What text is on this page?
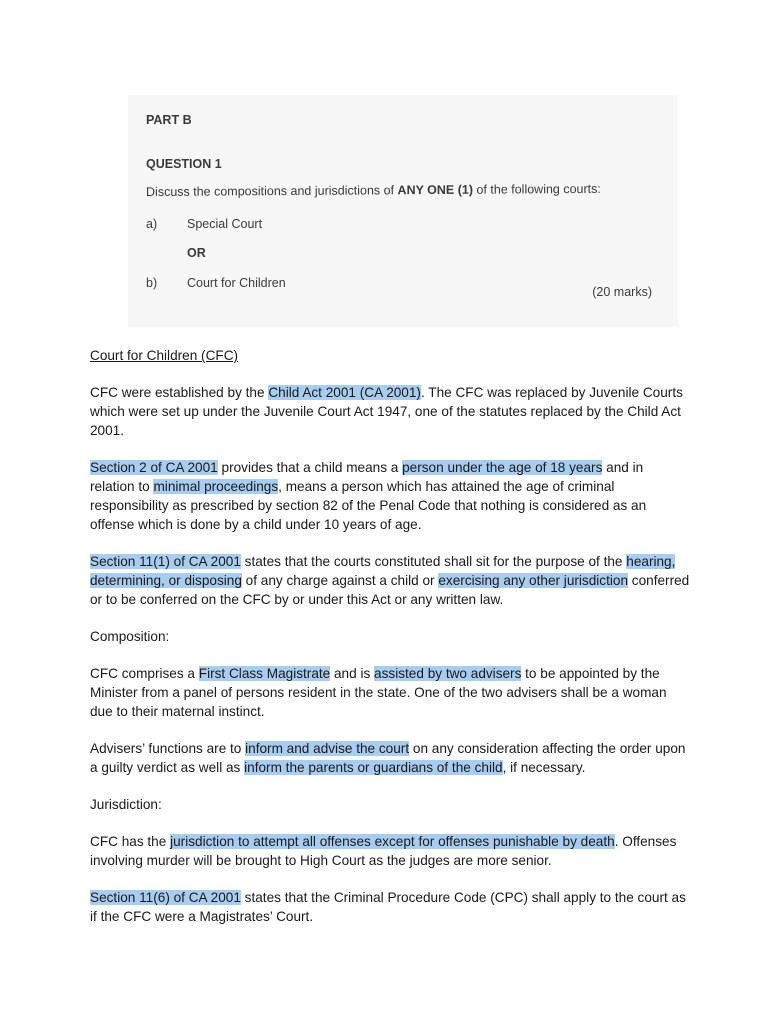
PART B
QUESTION 1
Discuss the compositions and jurisdictions of ANY ONE (1) of the following courts:
a) Special Court
OR
b) Court for Children
(20 marks)

Court for Children (CFC)

CFC were established by the Child Act 2001 (CA 2001). The CFC was replaced by Juvenile Courts which were set up under the Juvenile Court Act 1947, one of the statutes replaced by the Child Act 2001.

Section 2 of CA 2001 provides that a child means a person under the age of 18 years and in relation to minimal proceedings, means a person which has attained the age of criminal responsibility as prescribed by section 82 of the Penal Code that nothing is considered as an offense which is done by a child under 10 years of age.

Section 11(1) of CA 2001 states that the courts constituted shall sit for the purpose of the hearing, determining, or disposing of any charge against a child or exercising any other jurisdiction conferred or to be conferred on the CFC by or under this Act or any written law.

Composition:

CFC comprises a First Class Magistrate and is assisted by two advisers to be appointed by the Minister from a panel of persons resident in the state. One of the two advisers shall be a woman due to their maternal instinct.

Advisers’ functions are to inform and advise the court on any consideration affecting the order upon a guilty verdict as well as inform the parents or guardians of the child, if necessary.

Jurisdiction:

CFC has the jurisdiction to attempt all offenses except for offenses punishable by death. Offenses involving murder will be brought to High Court as the judges are more senior.

Section 11(6) of CA 2001 states that the Criminal Procedure Code (CPC) shall apply to the court as if the CFC were a Magistrates’ Court.
